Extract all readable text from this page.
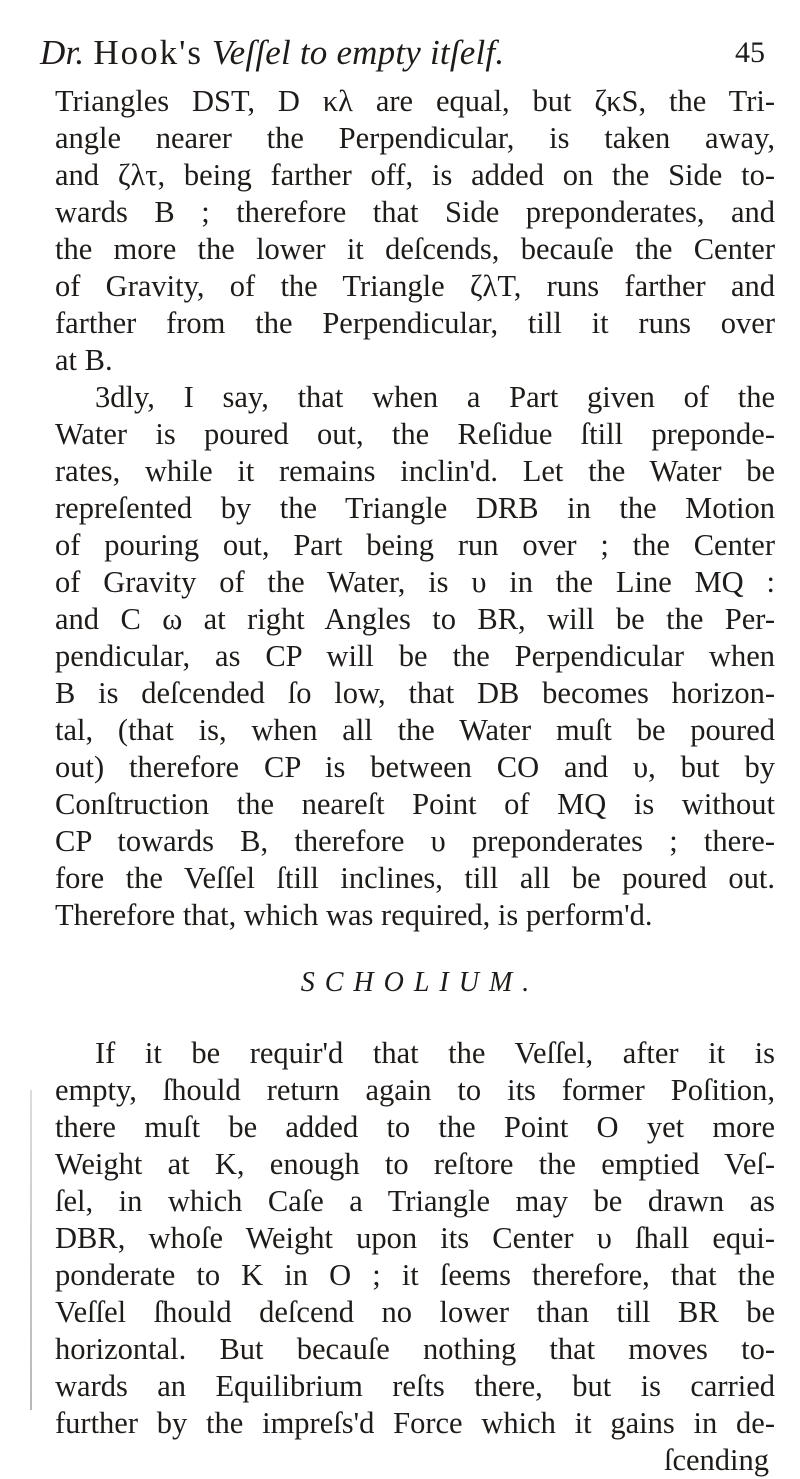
Dr. Hook's Veſſel to empty itſelf.	45
Triangles DST, D κλ are equal, but ζκS, the Tri-
angle nearer the Perpendicular, is taken away,
and ζλτ, being farther off, is added on the Side to-
wards B ; therefore that Side preponderates, and
the more the lower it deſcends, becauſe the Center
of Gravity, of the Triangle ζλT, runs farther and
farther from the Perpendicular, till it runs over
at B.
3dly, I say, that when a Part given of the
Water is poured out, the Reſidue ſtill preponde-
rates, while it remains inclin'd. Let the Water be
repreſented by the Triangle DRB in the Motion
of pouring out, Part being run over ; the Center
of Gravity of the Water, is υ in the Line MQ :
and C ω at right Angles to BR, will be the Per-
pendicular, as CP will be the Perpendicular when
B is deſcended ſo low, that DB becomes horizon-
tal, (that is, when all the Water muſt be poured
out) therefore CP is between CO and υ, but by
Conſtruction the neareſt Point of MQ is without
CP towards B, therefore υ preponderates ; there-
fore the Veſſel ſtill inclines, till all be poured out.
Therefore that, which was required, is perform'd.
SCHOLIUM.
If it be requir'd that the Veſſel, after it is
empty, ſhould return again to its former Poſition,
there muſt be added to the Point O yet more
Weight at K, enough to reſtore the emptied Veſ-
ſel, in which Caſe a Triangle may be drawn as
DBR, whoſe Weight upon its Center υ ſhall equi-
ponderate to K in O ; it ſeems therefore, that the
Veſſel ſhould deſcend no lower than till BR be
horizontal. But becauſe nothing that moves to-
wards an Equilibrium reſts there, but is carried
further by the impreſs'd Force which it gains in de-
ſcending
